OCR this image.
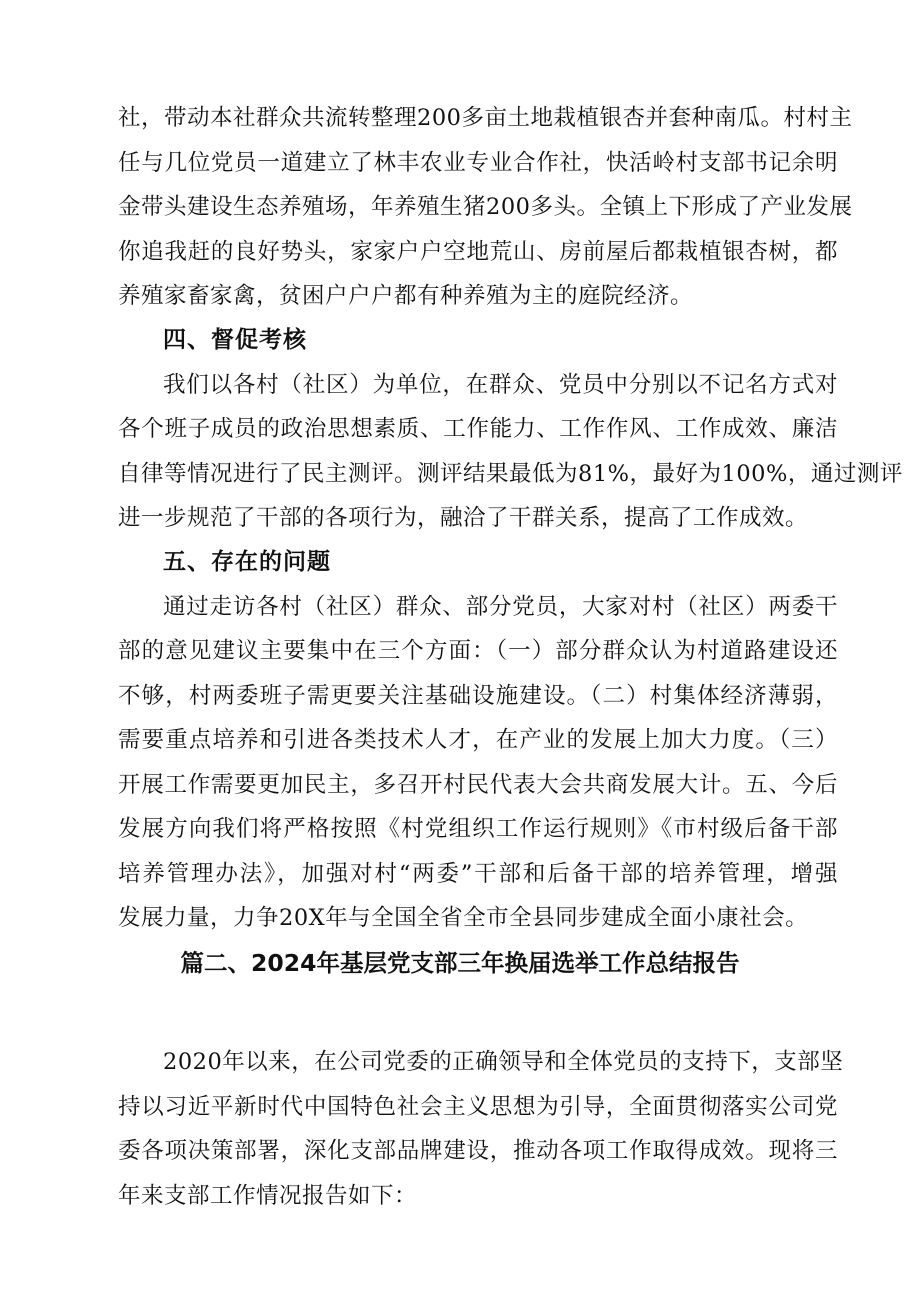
社，带动本社群众共流转整理200多亩土地栽植银杏并套种南瓜。村村主
任与几位党员一道建立了林丰农业专业合作社，快活岭村支部书记余明
金带头建设生态养殖场，年养殖生猪200多头。全镇上下形成了产业发展
你追我赶的良好势头，家家户户空地荒山、房前屋后都栽植银杏树，都
养殖家畜家禽，贫困户户户都有种养殖为主的庭院经济。
四、督促考核
我们以各村（社区）为单位，在群众、党员中分别以不记名方式对
各个班子成员的政治思想素质、工作能力、工作作风、工作成效、廉洁
自律等情况进行了民主测评。测评结果最低为81%，最好为100%，通过测评
进一步规范了干部的各项行为，融洽了干群关系，提高了工作成效。
五、存在的问题
通过走访各村（社区）群众、部分党员，大家对村（社区）两委干
部的意见建议主要集中在三个方面：（一）部分群众认为村道路建设还
不够，村两委班子需更要关注基础设施建设。（二）村集体经济薄弱，
需要重点培养和引进各类技术人才，在产业的发展上加大力度。（三）
开展工作需要更加民主，多召开村民代表大会共商发展大计。五、今后
发展方向我们将严格按照《村党组织工作运行规则》《市村级后备干部
培养管理办法》，加强对村“两委”干部和后备干部的培养管理，增强
发展力量，力争20X年与全国全省全市全县同步建成全面小康社会。
篇二、2024年基层党支部三年换届选举工作总结报告
2020年以来，在公司党委的正确领导和全体党员的支持下，支部坚
持以习近平新时代中国特色社会主义思想为引导，全面贯彻落实公司党
委各项决策部署，深化支部品牌建设，推动各项工作取得成效。现将三
年来支部工作情况报告如下：
